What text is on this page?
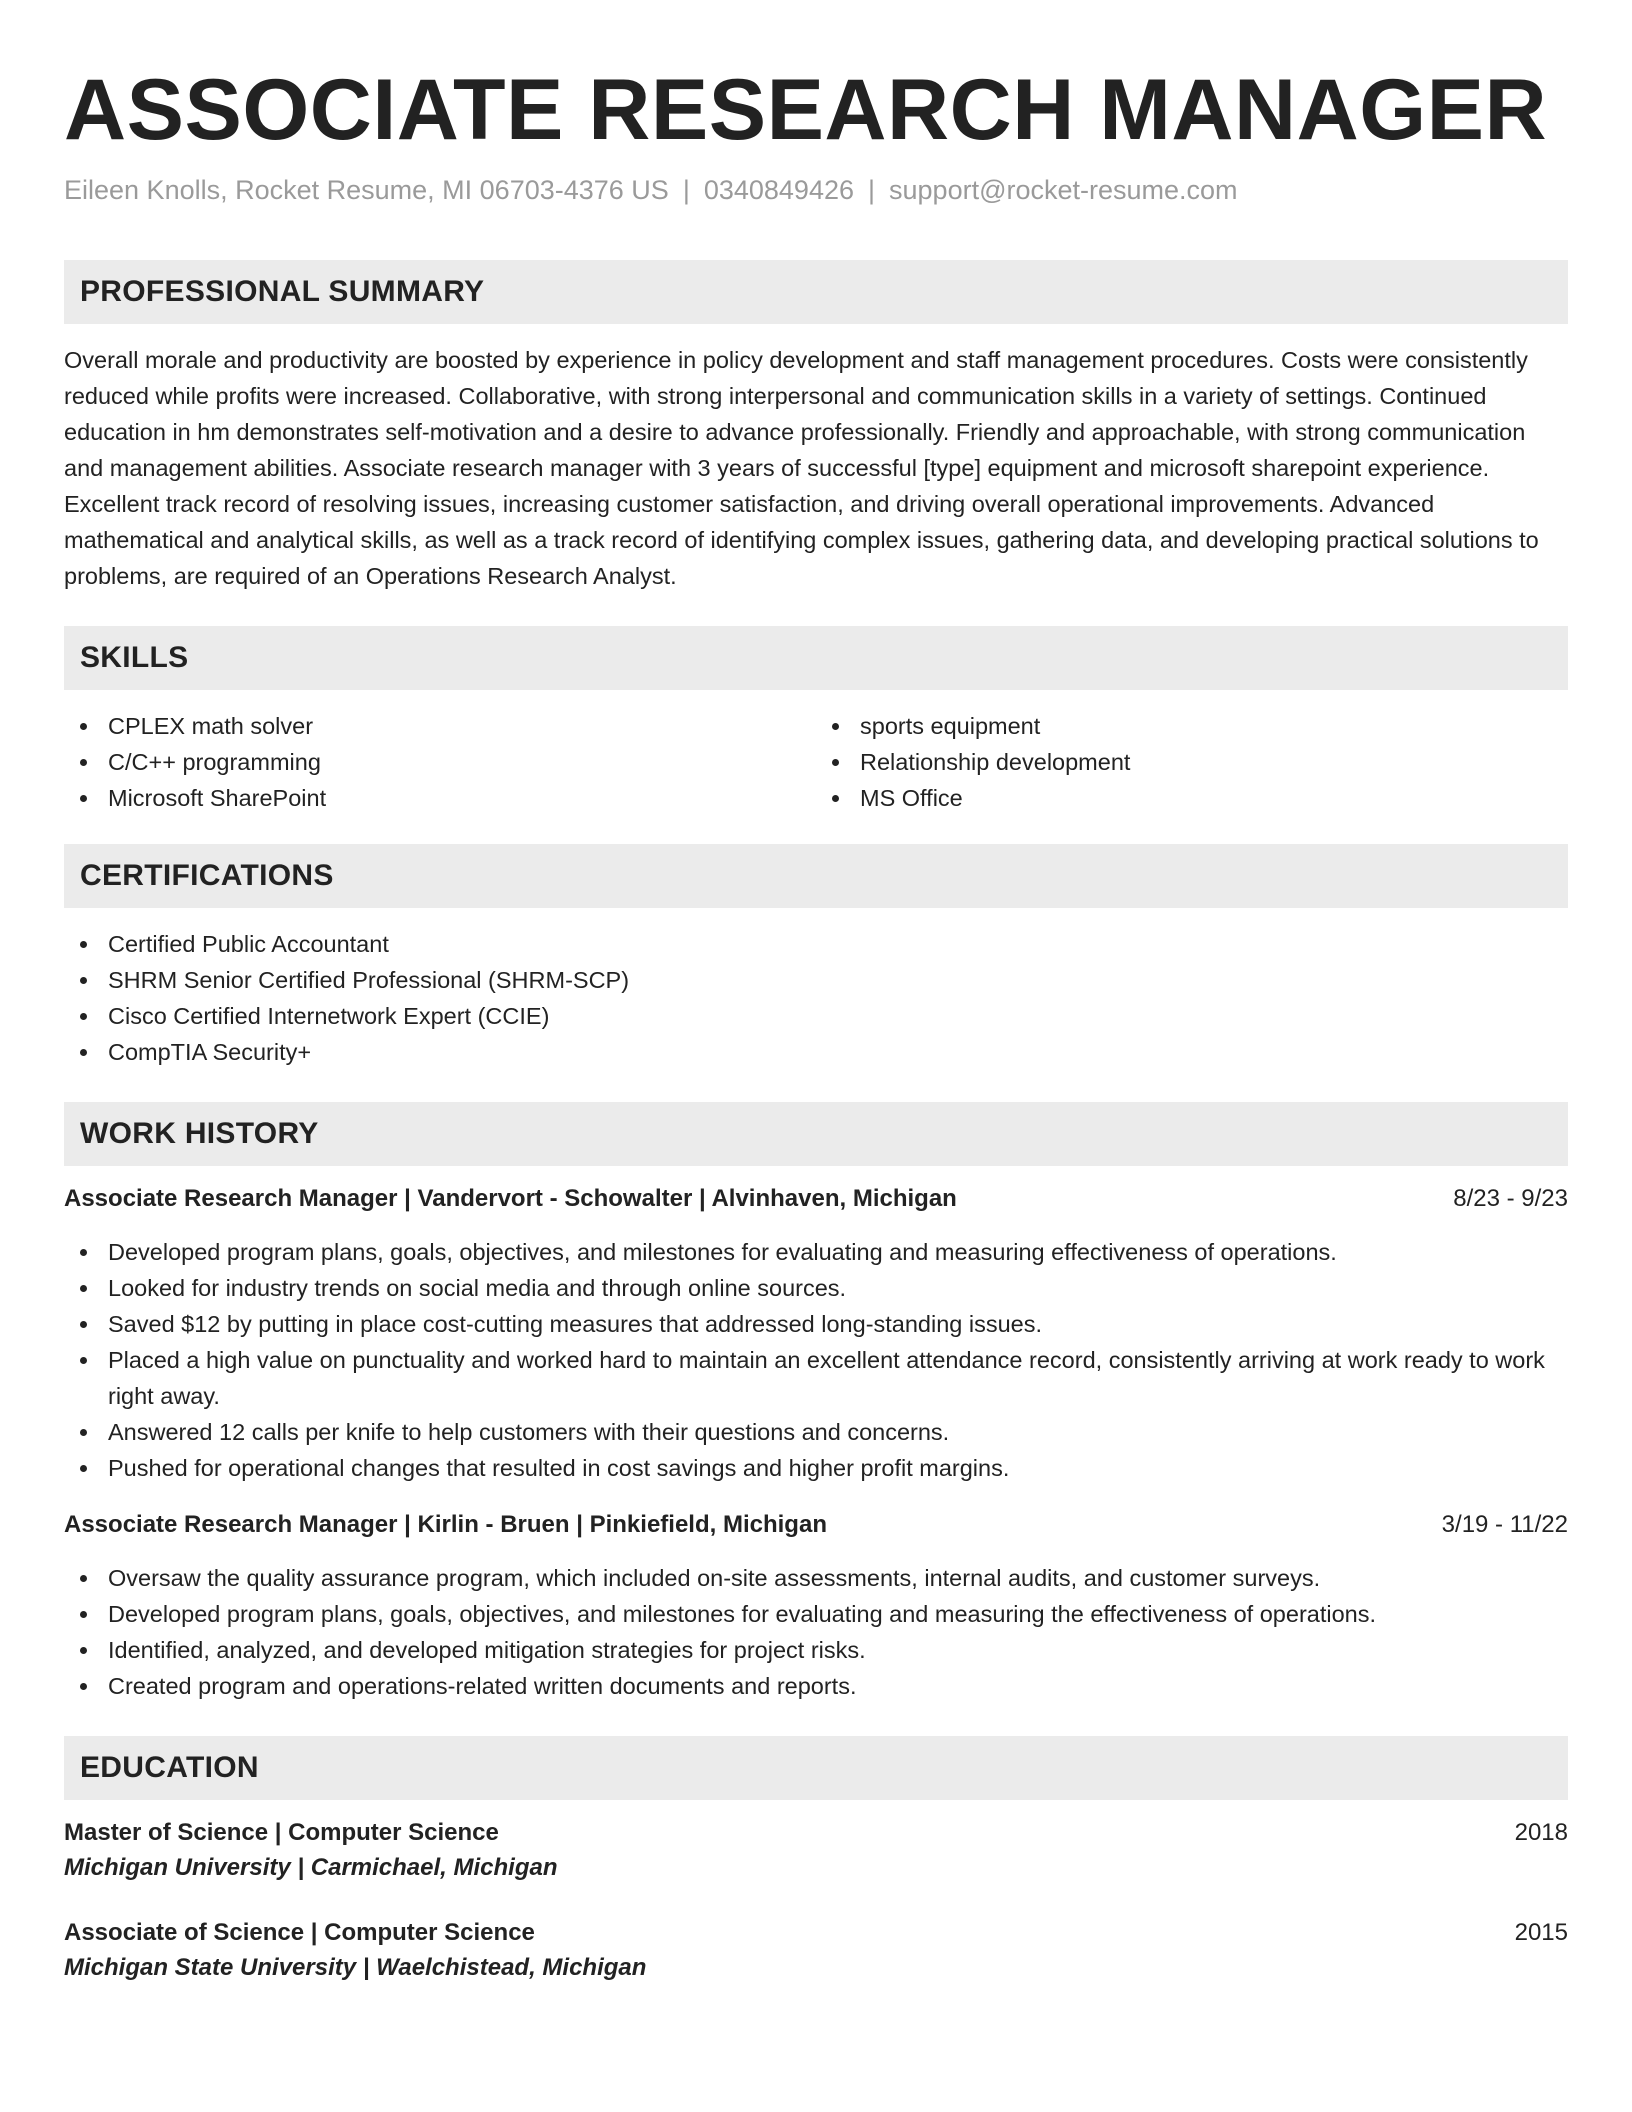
ASSOCIATE RESEARCH MANAGER
Eileen Knolls, Rocket Resume, MI 06703-4376 US | 0340849426 | support@rocket-resume.com
PROFESSIONAL SUMMARY

Overall morale and productivity are boosted by experience in policy development and staff management procedures. Costs were consistently reduced while profits were increased. Collaborative, with strong interpersonal and communication skills in a variety of settings. Continued education in hm demonstrates self-motivation and a desire to advance professionally. Friendly and approachable, with strong communication and management abilities. Associate research manager with 3 years of successful [type] equipment and microsoft sharepoint experience. Excellent track record of resolving issues, increasing customer satisfaction, and driving overall operational improvements. Advanced mathematical and analytical skills, as well as a track record of identifying complex issues, gathering data, and developing practical solutions to problems, are required of an Operations Research Analyst.

SKILLS
CPLEX math solver
C/C++ programming
Microsoft SharePoint
sports equipment
Relationship development
MS Office
CERTIFICATIONS
Certified Public Accountant
SHRM Senior Certified Professional (SHRM-SCP)
Cisco Certified Internetwork Expert (CCIE)
CompTIA Security+
WORK HISTORY
Associate Research Manager | Vandervort - Schowalter | Alvinhaven, Michigan	8/23 - 9/23
Developed program plans, goals, objectives, and milestones for evaluating and measuring effectiveness of operations.
Looked for industry trends on social media and through online sources.
Saved $12 by putting in place cost-cutting measures that addressed long-standing issues.
Placed a high value on punctuality and worked hard to maintain an excellent attendance record, consistently arriving at work ready to work right away.
Answered 12 calls per knife to help customers with their questions and concerns.
Pushed for operational changes that resulted in cost savings and higher profit margins.
Associate Research Manager | Kirlin - Bruen | Pinkiefield, Michigan	3/19 - 11/22
Oversaw the quality assurance program, which included on-site assessments, internal audits, and customer surveys.
Developed program plans, goals, objectives, and milestones for evaluating and measuring the effectiveness of operations.
Identified, analyzed, and developed mitigation strategies for project risks.
Created program and operations-related written documents and reports.
EDUCATION
Master of Science | Computer Science	2018
Michigan University | Carmichael, Michigan
Associate of Science | Computer Science	2015
Michigan State University | Waelchistead, Michigan
